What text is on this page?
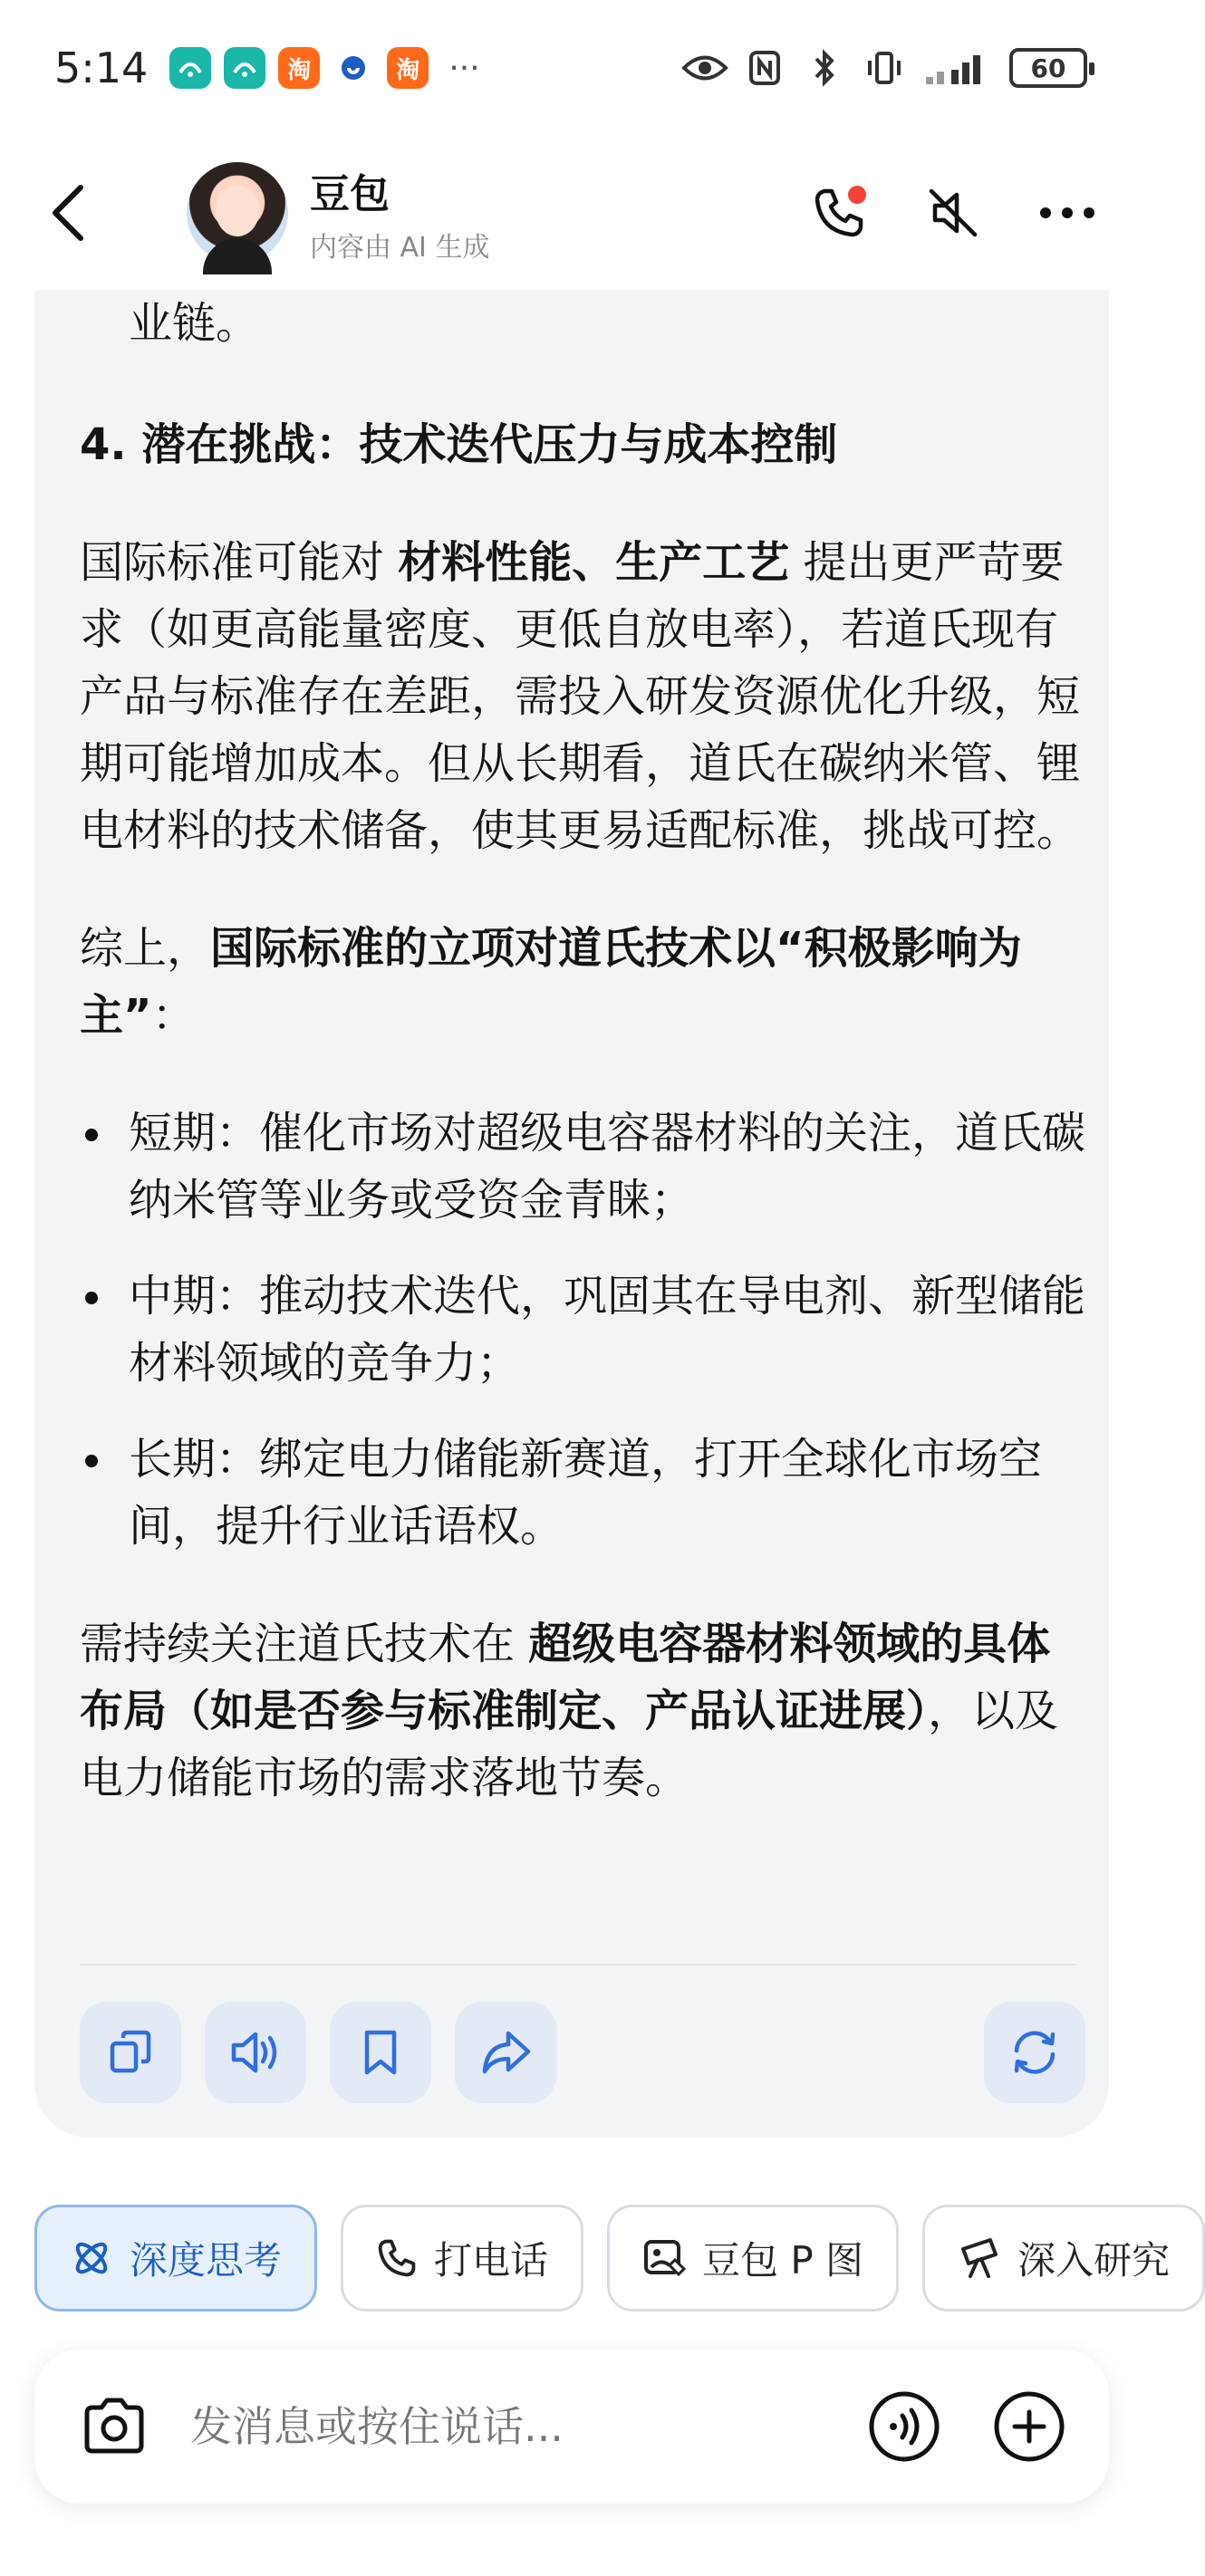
5:14	淘	淘 ···	60
豆包
内容由 AI 生成

业链。

4. 潜在挑战：技术迭代压力与成本控制

国际标准可能对 材料性能、生产工艺 提出更严苛要求（如更高能量密度、更低自放电率），若道氏现有产品与标准存在差距，需投入研发资源优化升级，短期可能增加成本。但从长期看，道氏在碳纳米管、锂电材料的技术储备，使其更易适配标准，挑战可控。

综上，国际标准的立项对道氏技术以“积极影响为主”：

短期：催化市场对超级电容器材料的关注，道氏碳纳米管等业务或受资金青睐；
中期：推动技术迭代，巩固其在导电剂、新型储能材料领域的竞争力；
长期：绑定电力储能新赛道，打开全球化市场空间，提升行业话语权。

需持续关注道氏技术在 超级电容器材料领域的具体布局（如是否参与标准制定、产品认证进展），以及电力储能市场的需求落地节奏。

深度思考	打电话	豆包 P 图	深入研究
发消息或按住说话...
